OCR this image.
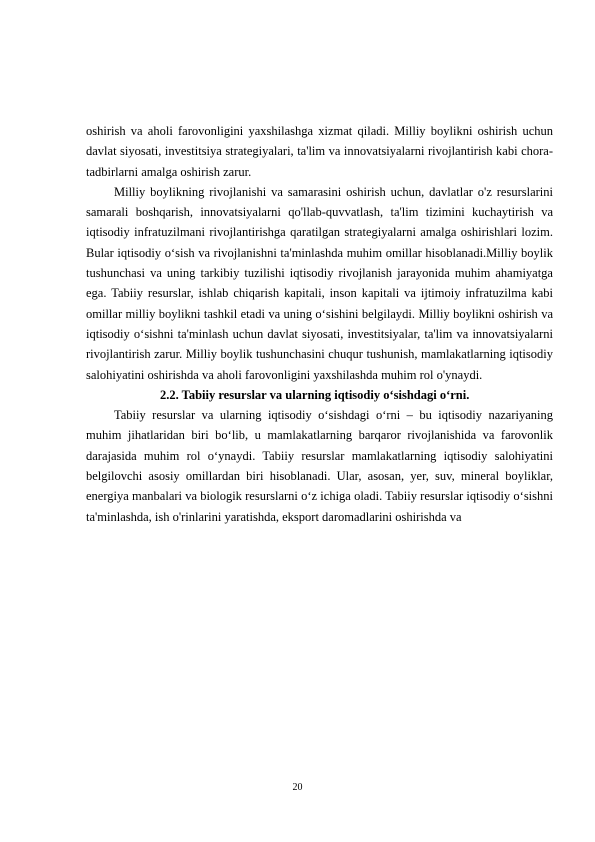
oshirish va aholi farovonligini yaxshilashga xizmat qiladi. Milliy boylikni oshirish uchun davlat siyosati, investitsiya strategiyalari, ta'lim va innovatsiyalarni rivojlantirish kabi chora-tadbirlarni amalga oshirish zarur.

Milliy boylikning rivojlanishi va samarasini oshirish uchun, davlatlar o'z resurslarini samarali boshqarish, innovatsiyalarni qo'llab-quvvatlash, ta'lim tizimini kuchaytirish va iqtisodiy infratuzilmani rivojlantirishga qaratilgan strategiyalarni amalga oshirishlari lozim. Bular iqtisodiy o‘sish va rivojlanishni ta'minlashda muhim omillar hisoblanadi.Milliy boylik tushunchasi va uning tarkibiy tuzilishi iqtisodiy rivojlanish jarayonida muhim ahamiyatga ega. Tabiiy resurslar, ishlab chiqarish kapitali, inson kapitali va ijtimoiy infratuzilma kabi omillar milliy boylikni tashkil etadi va uning o‘sishini belgilaydi. Milliy boylikni oshirish va iqtisodiy o‘sishni ta'minlash uchun davlat siyosati, investitsiyalar, ta'lim va innovatsiyalarni rivojlantirish zarur. Milliy boylik tushunchasini chuqur tushunish, mamlakatlarning iqtisodiy salohiyatini oshirishda va aholi farovonligini yaxshilashda muhim rol o'ynaydi.

2.2. Tabiiy resurslar va ularning iqtisodiy o‘sishdagi o‘rni.

Tabiiy resurslar va ularning iqtisodiy o‘sishdagi o‘rni – bu iqtisodiy nazariyaning muhim jihatlaridan biri bo‘lib, u mamlakatlarning barqaror rivojlanishida va farovonlik darajasida muhim rol o‘ynaydi. Tabiiy resurslar mamlakatlarning iqtisodiy salohiyatini belgilovchi asosiy omillardan biri hisoblanadi. Ular, asosan, yer, suv, mineral boyliklar, energiya manbalari va biologik resurslarni o‘z ichiga oladi. Tabiiy resurslar iqtisodiy o‘sishni ta'minlashda, ish o'rinlarini yaratishda, eksport daromadlarini oshirishda va

20
